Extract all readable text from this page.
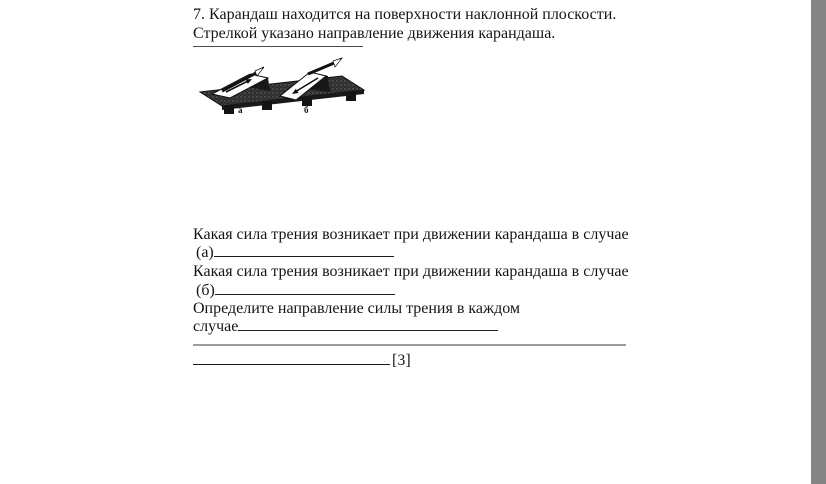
7. Карандаш находится на поверхности наклонной плоскости.
Стрелкой указано направление движения карандаша.
а	б
Какая сила трения возникает при движении карандаша в случае
(а)
Какая сила трения возникает при движении карандаша в случае
(б)
Определите направление силы трения в каждом
случае
[3]
